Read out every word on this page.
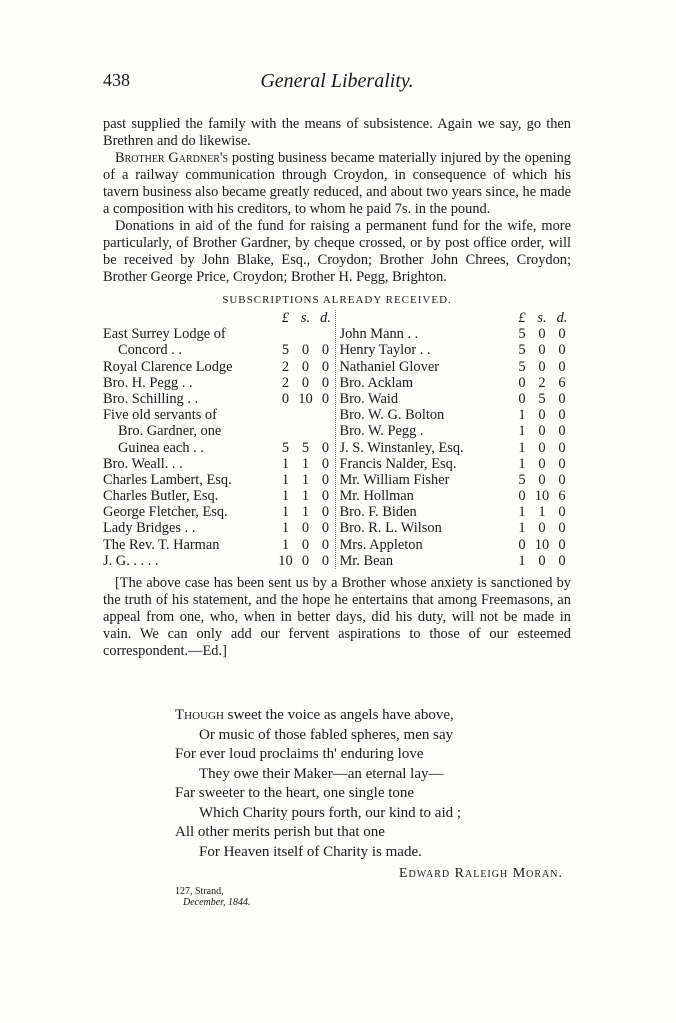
438	General Liberality.

past supplied the family with the means of subsistence. Again we say, go then Brethren and do likewise.

Brother Gardner's posting business became materially injured by the opening of a railway communication through Croydon, in consequence of which his tavern business also became greatly reduced, and about two years since, he made a composition with his creditors, to whom he paid 7s. in the pound.

Donations in aid of the fund for raising a permanent fund for the wife, more particularly, of Brother Gardner, by cheque crossed, or by post office order, will be received by John Blake, Esq., Croydon; Brother John Chrees, Croydon; Brother George Price, Croydon; Brother H. Pegg, Brighton.

SUBSCRIPTIONS ALREADY RECEIVED.
£ s. d.
East Surrey Lodge of
Concord . .	5 0 0
Royal Clarence Lodge	2 0 0
Bro. H. Pegg . .	2 0 0
Bro. Schilling . .	0 10 0
Five old servants of
Bro. Gardner, one
Guinea each . .	5 5 0
Bro. Weall. . .	1 1 0
Charles Lambert, Esq.	1 1 0
Charles Butler, Esq.	1 1 0
George Fletcher, Esq.	1 1 0
Lady Bridges . .	1 0 0
The Rev. T. Harman	1 0 0
J. G. . . . .	10 0 0
£ s. d.
John Mann . .	5 0 0
Henry Taylor . .	5 0 0
Nathaniel Glover	5 0 0
Bro. Acklam	0 2 6
Bro. Waid	0 5 0
Bro. W. G. Bolton	1 0 0
Bro. W. Pegg .	1 0 0
J. S. Winstanley, Esq.	1 0 0
Francis Nalder, Esq.	1 0 0
Mr. William Fisher	5 0 0
Mr. Hollman	0 10 6
Bro. F. Biden	1 1 0
Bro. R. L. Wilson	1 0 0
Mrs. Appleton	0 10 0
Mr. Bean	1 0 0

[The above case has been sent us by a Brother whose anxiety is sanctioned by the truth of his statement, and the hope he entertains that among Freemasons, an appeal from one, who, when in better days, did his duty, will not be made in vain. We can only add our fervent aspirations to those of our esteemed correspondent.—Ed.]

Though sweet the voice as angels have above,
Or music of those fabled spheres, men say
For ever loud proclaims th' enduring love
They owe their Maker—an eternal lay—
Far sweeter to the heart, one single tone
Which Charity pours forth, our kind to aid ;
All other merits perish but that one
For Heaven itself of Charity is made.
Edward Raleigh Moran.
127, Strand,
December, 1844.
